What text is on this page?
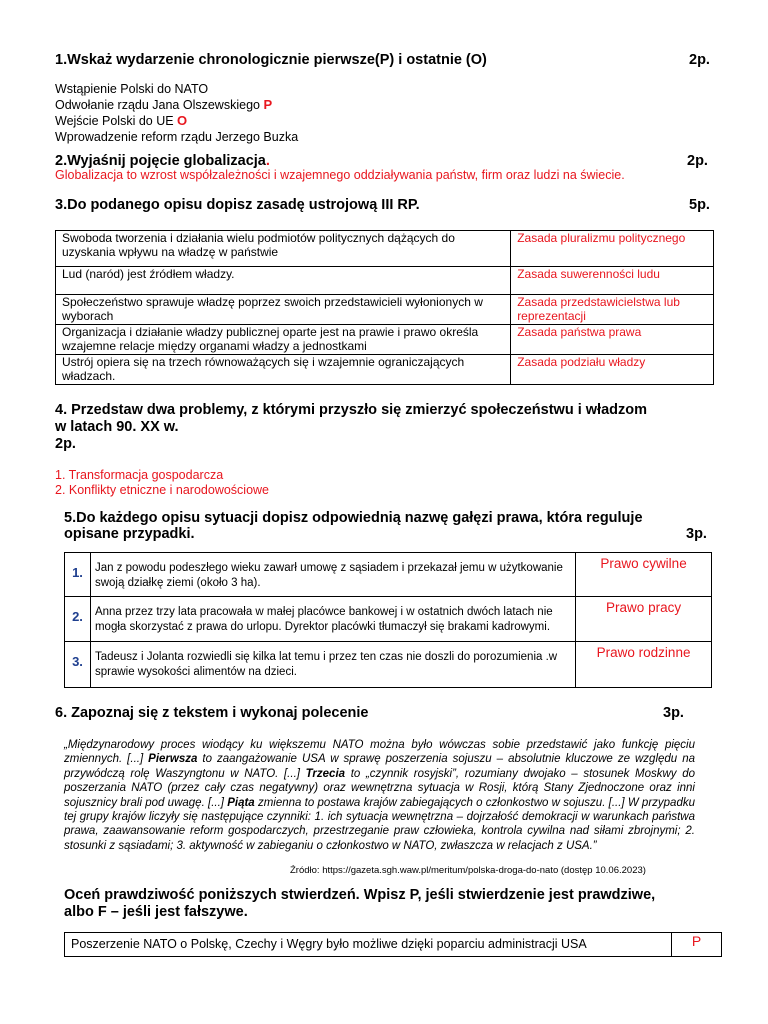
1.Wskaż wydarzenie chronologicznie pierwsze(P) i ostatnie (O)	2p.
Wstąpienie Polski do NATO
Odwołanie rządu Jana Olszewskiego P
Wejście Polski do UE O
Wprowadzenie reform rządu Jerzego Buzka
2.Wyjaśnij pojęcie globalizacja.	2p.
Globalizacja to wzrost współzależności i wzajemnego oddziaływania państw, firm oraz ludzi na świecie.
3.Do podanego opisu dopisz zasadę ustrojową III RP.	5p.
Swoboda tworzenia i działania wielu podmiotów politycznych dążących do uzyskania wpływu na władzę w państwie	Zasada pluralizmu politycznego
Lud (naród) jest źródłem władzy.	Zasada suwerenności ludu
Społeczeństwo sprawuje władzę poprzez swoich przedstawicieli wyłonionych w wyborach	Zasada przedstawicielstwa lub reprezentacji
Organizacja i działanie władzy publicznej oparte jest na prawie i prawo określa wzajemne relacje między organami władzy a jednostkami	Zasada państwa prawa
Ustrój opiera się na trzech równoważących się i wzajemnie ograniczających władzach.	Zasada podziału władzy
4. Przedstaw dwa problemy, z którymi przyszło się zmierzyć społeczeństwu i władzom
w latach 90. XX w.
2p.
1. Transformacja gospodarcza
2. Konflikty etniczne i narodowościowe
5.Do każdego opisu sytuacji dopisz odpowiednią nazwę gałęzi prawa, która reguluje
opisane przypadki.	3p.
1.	Jan z powodu podeszłego wieku zawarł umowę z sąsiadem i przekazał jemu w użytkowanie swoją działkę ziemi (około 3 ha).	Prawo cywilne
2.	Anna przez trzy lata pracowała w małej placówce bankowej i w ostatnich dwóch latach nie mogła skorzystać z prawa do urlopu. Dyrektor placówki tłumaczył się brakami kadrowymi.	Prawo pracy
3.	Tadeusz i Jolanta rozwiedli się kilka lat temu i przez ten czas nie doszli do porozumienia .w sprawie wysokości alimentów na dzieci.	Prawo rodzinne
6. Zapoznaj się z tekstem i wykonaj polecenie	3p.
„Międzynarodowy proces wiodący ku większemu NATO można było wówczas sobie przedstawić jako funkcję pięciu zmiennych. [...] Pierwsza to zaangażowanie USA w sprawę poszerzenia sojuszu – absolutnie kluczowe ze względu na przywódczą rolę Waszyngtonu w NATO. [...] Trzecia to „czynnik rosyjski”, rozumiany dwojako – stosunek Moskwy do poszerzania NATO (przez cały czas negatywny) oraz wewnętrzna sytuacja w Rosji, którą Stany Zjednoczone oraz inni sojusznicy brali pod uwagę. [...] Piąta zmienna to postawa krajów zabiegających o członkostwo w sojuszu. [...] W przypadku tej grupy krajów liczyły się następujące czynniki: 1. ich sytuacja wewnętrzna – dojrzałość demokracji w warunkach państwa prawa, zaawansowanie reform gospodarczych, przestrzeganie praw człowieka, kontrola cywilna nad siłami zbrojnymi; 2. stosunki z sąsiadami; 3. aktywność w zabieganiu o członkostwo w NATO, zwłaszcza w relacjach z USA.”
Źródło: https://gazeta.sgh.waw.pl/meritum/polska-droga-do-nato (dostęp 10.06.2023)
Oceń prawdziwość poniższych stwierdzeń. Wpisz P, jeśli stwierdzenie jest prawdziwe,
albo F – jeśli jest fałszywe.
Poszerzenie NATO o Polskę, Czechy i Węgry było możliwe dzięki poparciu administracji USA	P
